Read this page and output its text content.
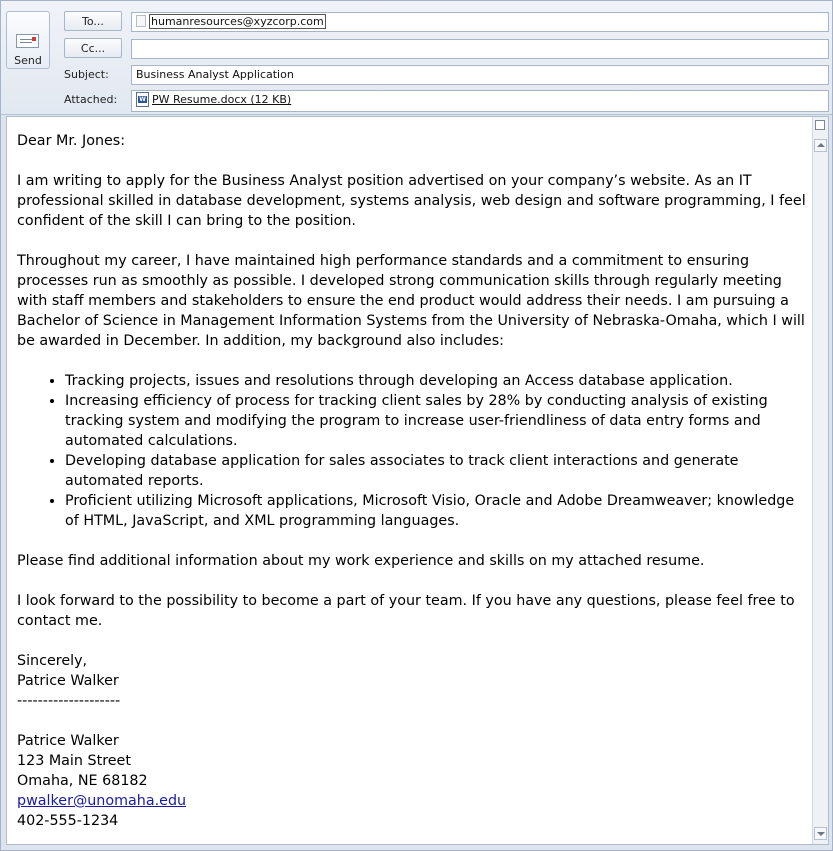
Send
To...
Cc...
Subject:
Attached:
humanresources@xyzcorp.com
Business Analyst Application
W PW Resume.docx (12 KB)

Dear Mr. Jones:

I am writing to apply for the Business Analyst position advertised on your company’s website. As an IT professional skilled in database development, systems analysis, web design and software programming, I feel confident of the skill I can bring to the position.

Throughout my career, I have maintained high performance standards and a commitment to ensuring processes run as smoothly as possible. I developed strong communication skills through regularly meeting with staff members and stakeholders to ensure the end product would address their needs. I am pursuing a Bachelor of Science in Management Information Systems from the University of Nebraska-Omaha, which I will be awarded in December. In addition, my background also includes:

• Tracking projects, issues and resolutions through developing an Access database application.
• Increasing efficiency of process for tracking client sales by 28% by conducting analysis of existing tracking system and modifying the program to increase user-friendliness of data entry forms and automated calculations.
• Developing database application for sales associates to track client interactions and generate automated reports.
• Proficient utilizing Microsoft applications, Microsoft Visio, Oracle and Adobe Dreamweaver; knowledge of HTML, JavaScript, and XML programming languages.

Please find additional information about my work experience and skills on my attached resume.

I look forward to the possibility to become a part of your team. If you have any questions, please feel free to contact me.

Sincerely,
Patrice Walker
--------------------

Patrice Walker
123 Main Street
Omaha, NE 68182
pwalker@unomaha.edu
402-555-1234
